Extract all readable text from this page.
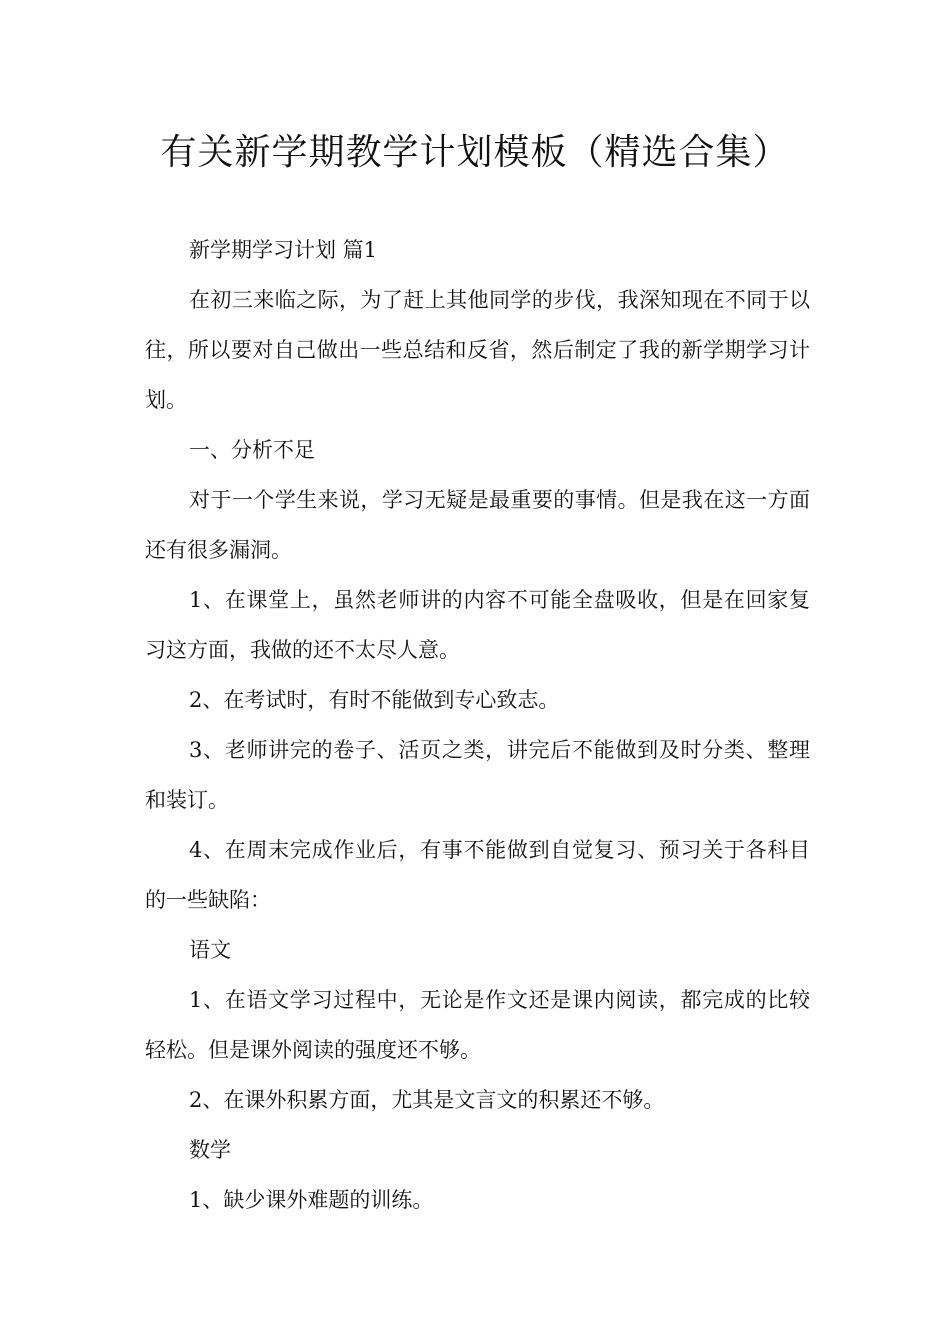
有关新学期教学计划模板（精选合集）

新学期学习计划 篇1

在初三来临之际，为了赶上其他同学的步伐，我深知现在不同于以往，所以要对自己做出一些总结和反省，然后制定了我的新学期学习计划。

一、分析不足

对于一个学生来说，学习无疑是最重要的事情。但是我在这一方面还有很多漏洞。

1、在课堂上，虽然老师讲的内容不可能全盘吸收，但是在回家复习这方面，我做的还不太尽人意。

2、在考试时，有时不能做到专心致志。

3、老师讲完的卷子、活页之类，讲完后不能做到及时分类、整理和装订。

4、在周末完成作业后，有事不能做到自觉复习、预习关于各科目的一些缺陷：

语文

1、在语文学习过程中，无论是作文还是课内阅读，都完成的比较轻松。但是课外阅读的强度还不够。

2、在课外积累方面，尤其是文言文的积累还不够。

数学

1、缺少课外难题的训练。
